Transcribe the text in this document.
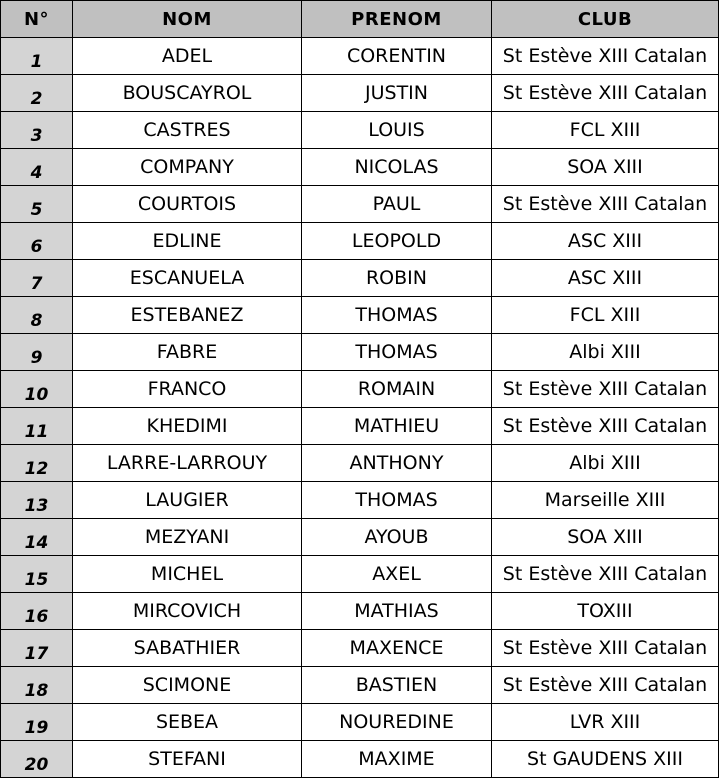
N°	NOM	PRENOM	CLUB
1	ADEL	CORENTIN	St Estève XIII Catalan
2	BOUSCAYROL	JUSTIN	St Estève XIII Catalan
3	CASTRES	LOUIS	FCL XIII
4	COMPANY	NICOLAS	SOA XIII
5	COURTOIS	PAUL	St Estève XIII Catalan
6	EDLINE	LEOPOLD	ASC XIII
7	ESCANUELA	ROBIN	ASC XIII
8	ESTEBANEZ	THOMAS	FCL XIII
9	FABRE	THOMAS	Albi XIII
10	FRANCO	ROMAIN	St Estève XIII Catalan
11	KHEDIMI	MATHIEU	St Estève XIII Catalan
12	LARRE-LARROUY	ANTHONY	Albi XIII
13	LAUGIER	THOMAS	Marseille XIII
14	MEZYANI	AYOUB	SOA XIII
15	MICHEL	AXEL	St Estève XIII Catalan
16	MIRCOVICH	MATHIAS	TOXIII
17	SABATHIER	MAXENCE	St Estève XIII Catalan
18	SCIMONE	BASTIEN	St Estève XIII Catalan
19	SEBEA	NOUREDINE	LVR XIII
20	STEFANI	MAXIME	St GAUDENS XIII
